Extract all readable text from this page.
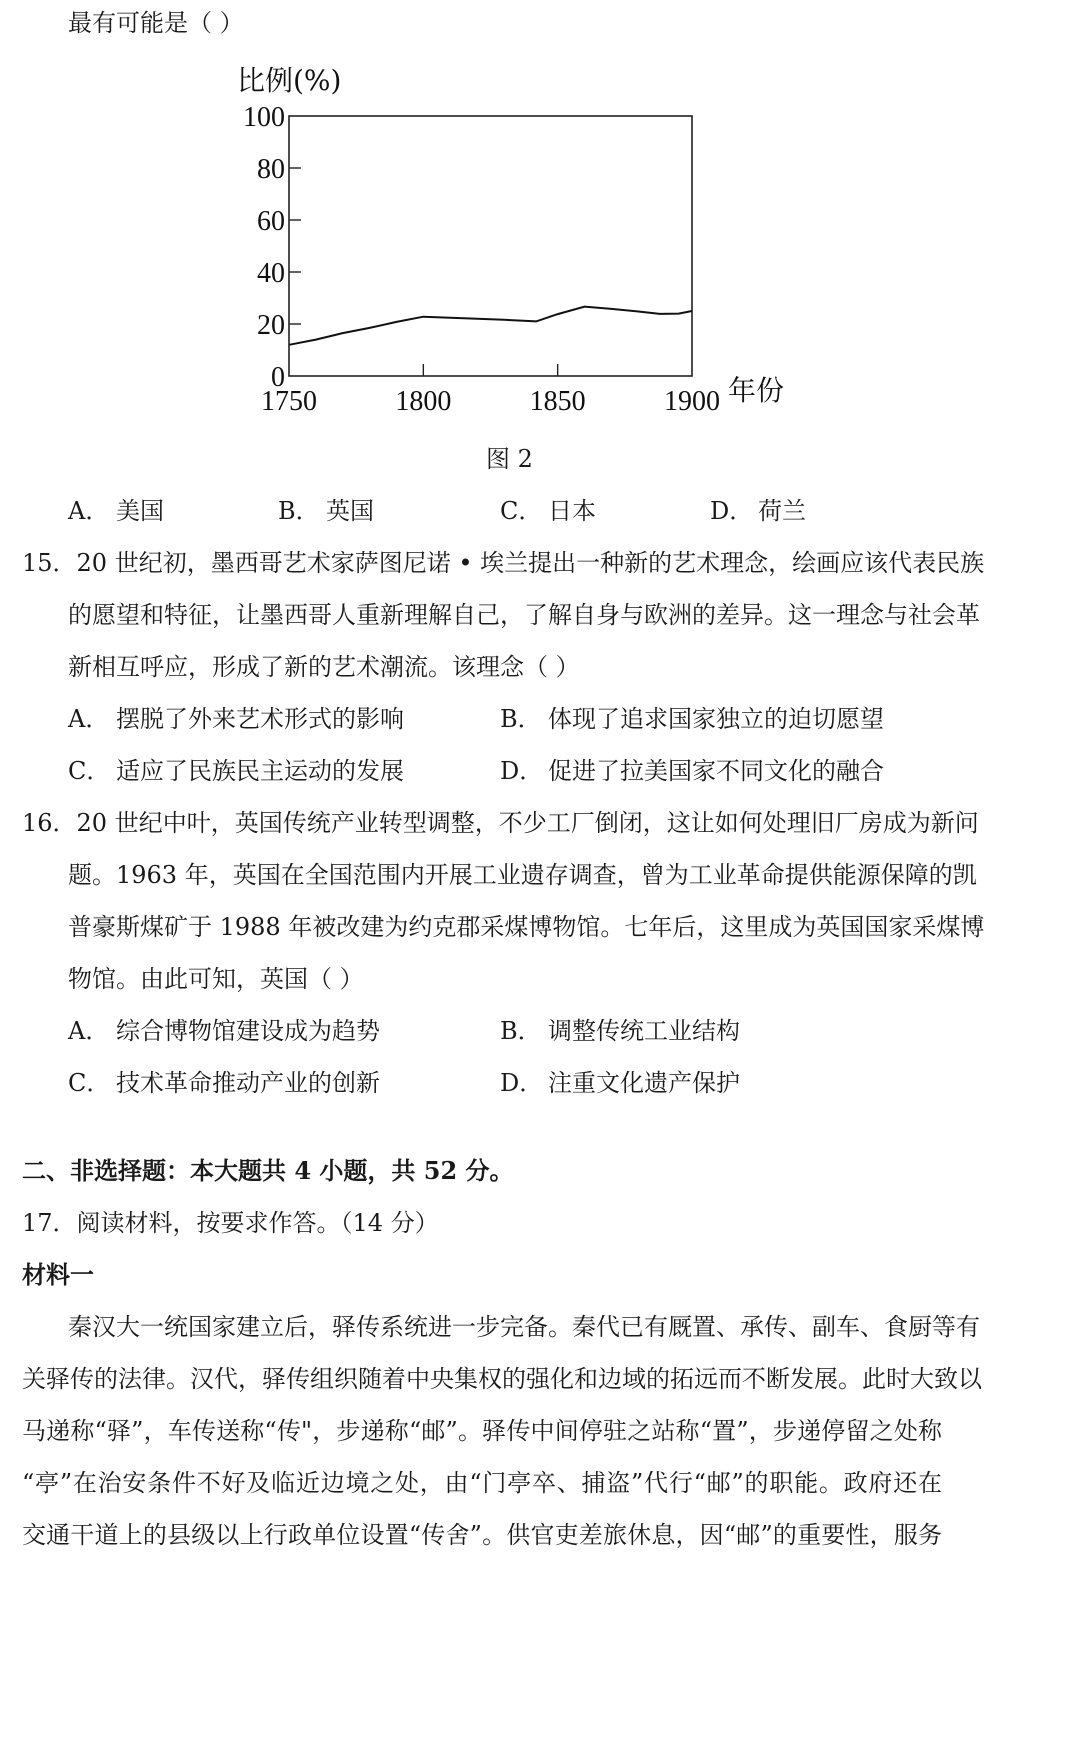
最有可能是（ ）
0
20
40
60
80
100
1750	1800	1850	1900
比例(%)
年份
图 2
A． 美国	B． 英国	C． 日本	D． 荷兰
15．20 世纪初，墨西哥艺术家萨图尼诺 • 埃兰提出一种新的艺术理念，绘画应该代表民族
的愿望和特征，让墨西哥人重新理解自己，了解自身与欧洲的差异。这一理念与社会革
新相互呼应，形成了新的艺术潮流。该理念（ ）
A． 摆脱了外来艺术形式的影响	B． 体现了追求国家独立的迫切愿望
C． 适应了民族民主运动的发展	D． 促进了拉美国家不同文化的融合
16．20 世纪中叶，英国传统产业转型调整，不少工厂倒闭，这让如何处理旧厂房成为新问
题。1963 年，英国在全国范围内开展工业遗存调查，曾为工业革命提供能源保障的凯
普豪斯煤矿于 1988 年被改建为约克郡采煤博物馆。七年后，这里成为英国国家采煤博
物馆。由此可知，英国（ ）
A． 综合博物馆建设成为趋势	B． 调整传统工业结构
C． 技术革命推动产业的创新	D． 注重文化遗产保护
二、非选择题：本大题共 4 小题，共 52 分。
17．阅读材料，按要求作答。（14 分）
材料一
秦汉大一统国家建立后，驿传系统进一步完备。秦代已有厩置、承传、副车、食厨等有
关驿传的法律。汉代，驿传组织随着中央集权的强化和边域的拓远而不断发展。此时大致以
马递称“驿”，车传送称“传"，步递称“邮”。驿传中间停驻之站称“置”，步递停留之处称
“亭”在治安条件不好及临近边境之处，由“门亭卒、捕盗”代行“邮”的职能。政府还在
交通干道上的县级以上行政单位设置“传舍”。供官吏差旅休息，因“邮”的重要性，服务
